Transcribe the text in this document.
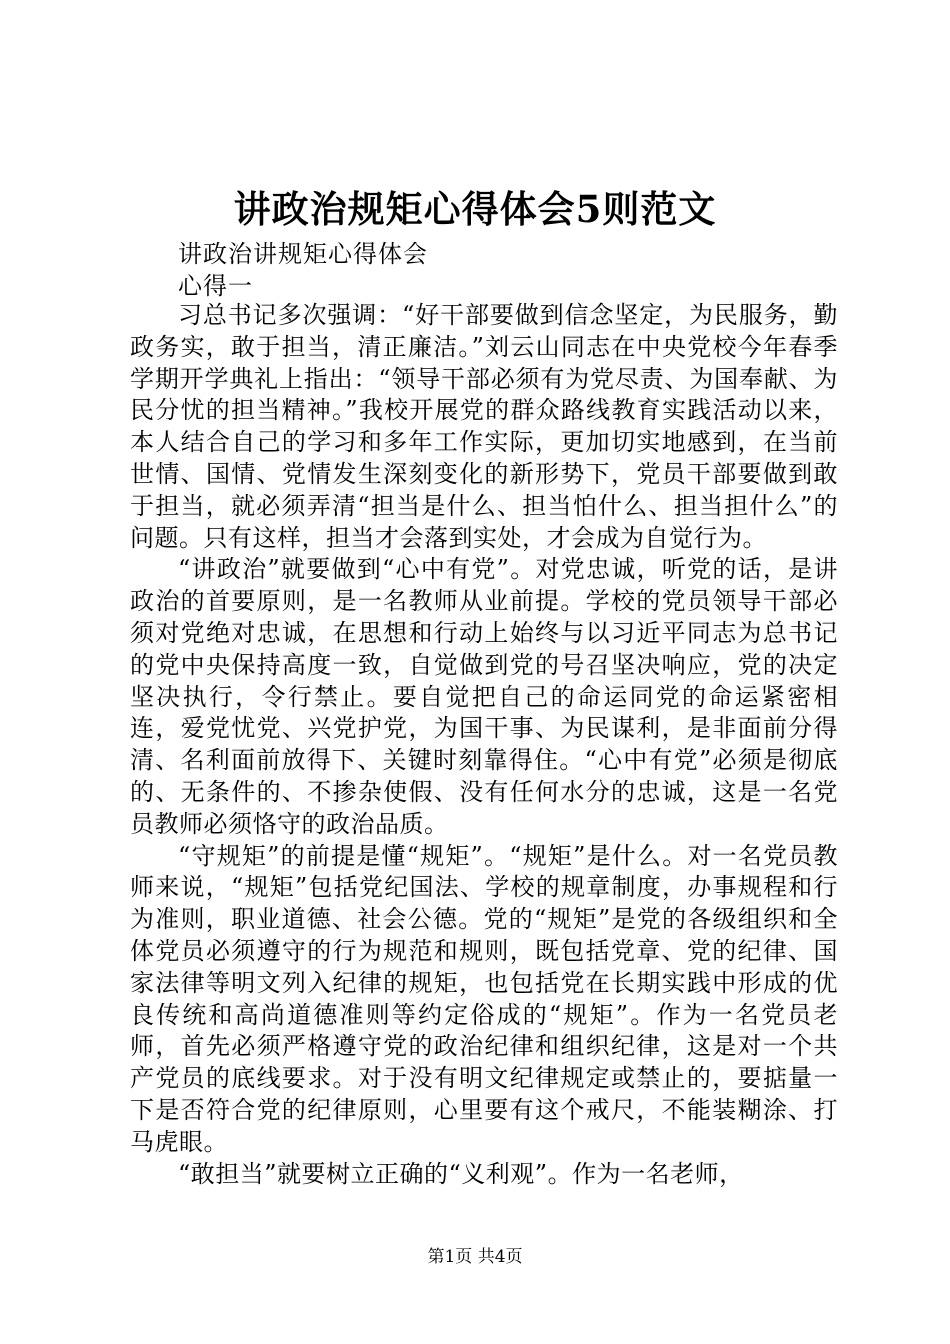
讲政治规矩心得体会5则范文
讲政治讲规矩心得体会
心得一

习总书记多次强调：“好干部要做到信念坚定，为民服务，勤政务实，敢于担当，清正廉洁。”刘云山同志在中央党校今年春季学期开学典礼上指出：“领导干部必须有为党尽责、为国奉献、为民分忧的担当精神。”我校开展党的群众路线教育实践活动以来，本人结合自己的学习和多年工作实际，更加切实地感到，在当前世情、国情、党情发生深刻变化的新形势下，党员干部要做到敢于担当，就必须弄清“担当是什么、担当怕什么、担当担什么”的问题。只有这样，担当才会落到实处，才会成为自觉行为。

“讲政治”就要做到“心中有党”。对党忠诚，听党的话，是讲政治的首要原则，是一名教师从业前提。学校的党员领导干部必须对党绝对忠诚，在思想和行动上始终与以习近平同志为总书记的党中央保持高度一致，自觉做到党的号召坚决响应，党的决定坚决执行，令行禁止。要自觉把自己的命运同党的命运紧密相连，爱党忧党、兴党护党，为国干事、为民谋利，是非面前分得清、名利面前放得下、关键时刻靠得住。“心中有党”必须是彻底的、无条件的、不掺杂使假、没有任何水分的忠诚，这是一名党员教师必须恪守的政治品质。

“守规矩”的前提是懂“规矩”。“规矩”是什么。对一名党员教师来说，“规矩”包括党纪国法、学校的规章制度，办事规程和行为准则，职业道德、社会公德。党的“规矩”是党的各级组织和全体党员必须遵守的行为规范和规则，既包括党章、党的纪律、国家法律等明文列入纪律的规矩，也包括党在长期实践中形成的优良传统和高尚道德准则等约定俗成的“规矩”。作为一名党员老师，首先必须严格遵守党的政治纪律和组织纪律，这是对一个共产党员的底线要求。对于没有明文纪律规定或禁止的，要掂量一下是否符合党的纪律原则，心里要有这个戒尺，不能装糊涂、打马虎眼。

“敢担当”就要树立正确的“义利观”。作为一名老师，

第1页 共4页
